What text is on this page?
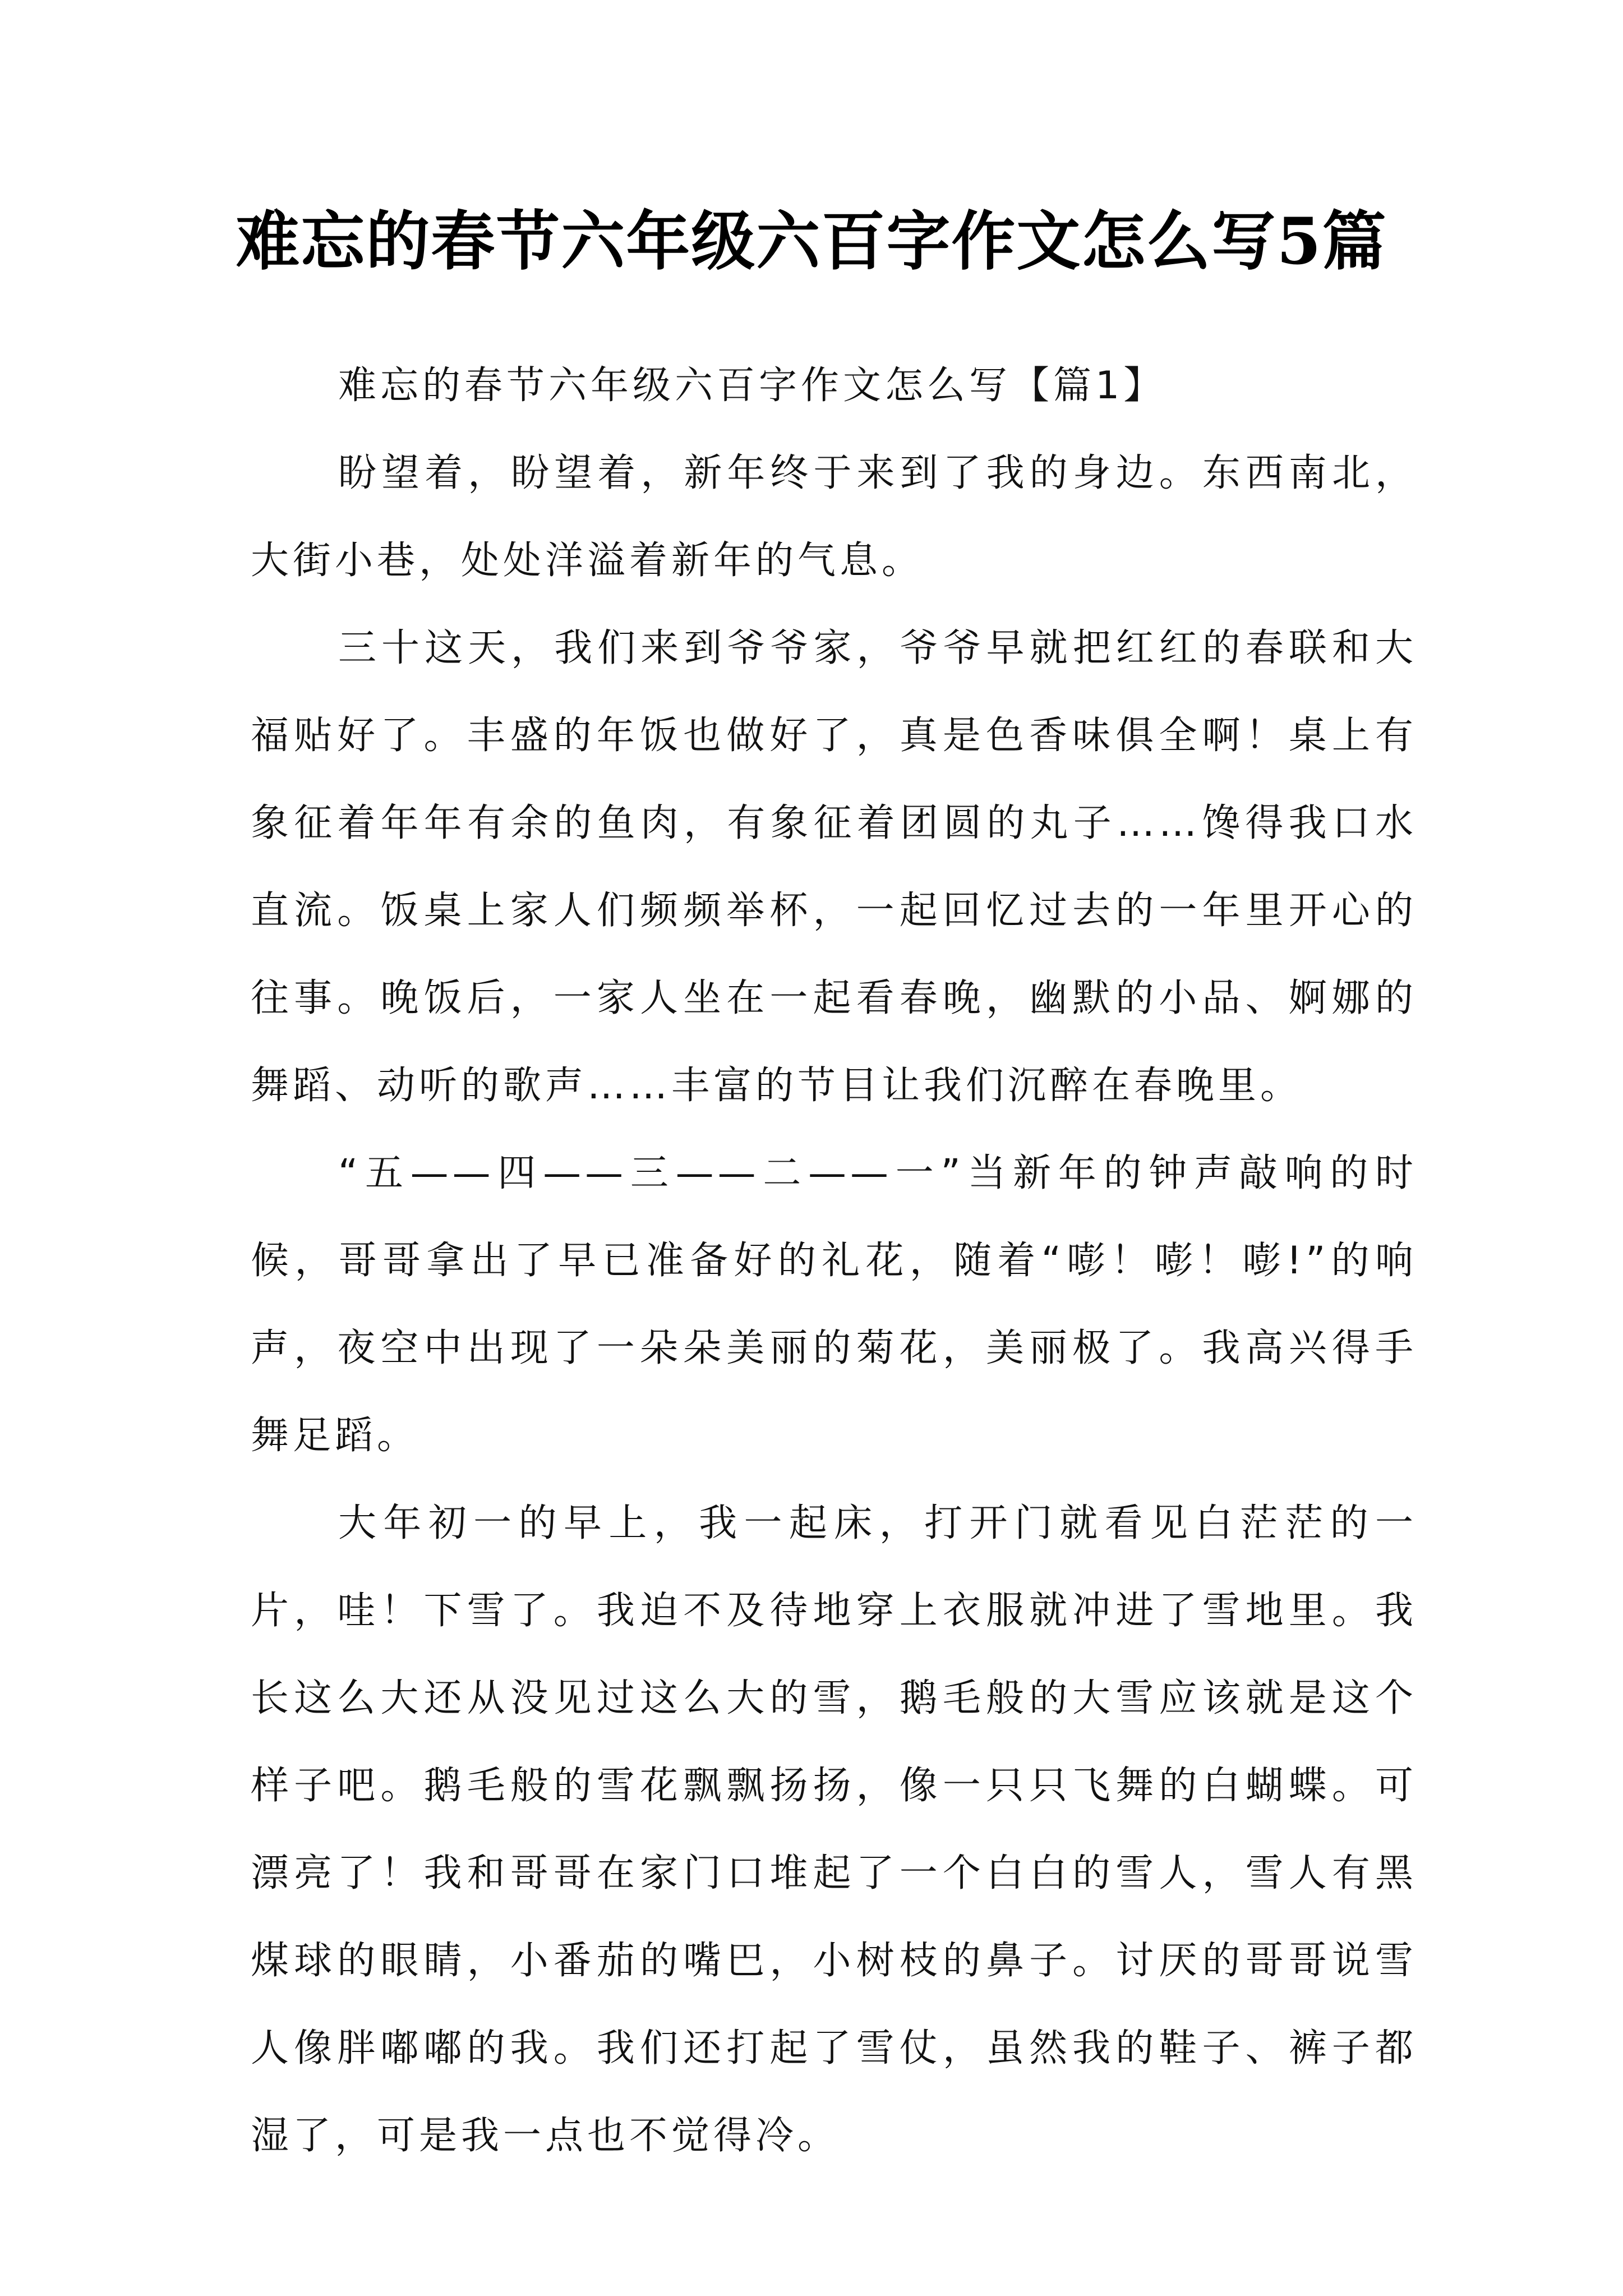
难忘的春节六年级六百字作文怎么写5篇

难忘的春节六年级六百字作文怎么写【篇1】

盼望着，盼望着，新年终于来到了我的身边。东西南北，大街小巷，处处洋溢着新年的气息。

三十这天，我们来到爷爷家，爷爷早就把红红的春联和大福贴好了。丰盛的年饭也做好了，真是色香味俱全啊！桌上有象征着年年有余的鱼肉，有象征着团圆的丸子……馋得我口水直流。饭桌上家人们频频举杯，一起回忆过去的一年里开心的往事。晚饭后，一家人坐在一起看春晚，幽默的小品、婀娜的舞蹈、动听的歌声……丰富的节目让我们沉醉在春晚里。

“五——四——三——二——一”当新年的钟声敲响的时候，哥哥拿出了早已准备好的礼花，随着“嘭！嘭！嘭!”的响声，夜空中出现了一朵朵美丽的菊花，美丽极了。我高兴得手舞足蹈。

大年初一的早上，我一起床，打开门就看见白茫茫的一片，哇！下雪了。我迫不及待地穿上衣服就冲进了雪地里。我长这么大还从没见过这么大的雪，鹅毛般的大雪应该就是这个样子吧。鹅毛般的雪花飘飘扬扬，像一只只飞舞的白蝴蝶。可漂亮了！我和哥哥在家门口堆起了一个白白的雪人，雪人有黑煤球的眼睛，小番茄的嘴巴，小树枝的鼻子。讨厌的哥哥说雪人像胖嘟嘟的我。我们还打起了雪仗，虽然我的鞋子、裤子都湿了，可是我一点也不觉得冷。
